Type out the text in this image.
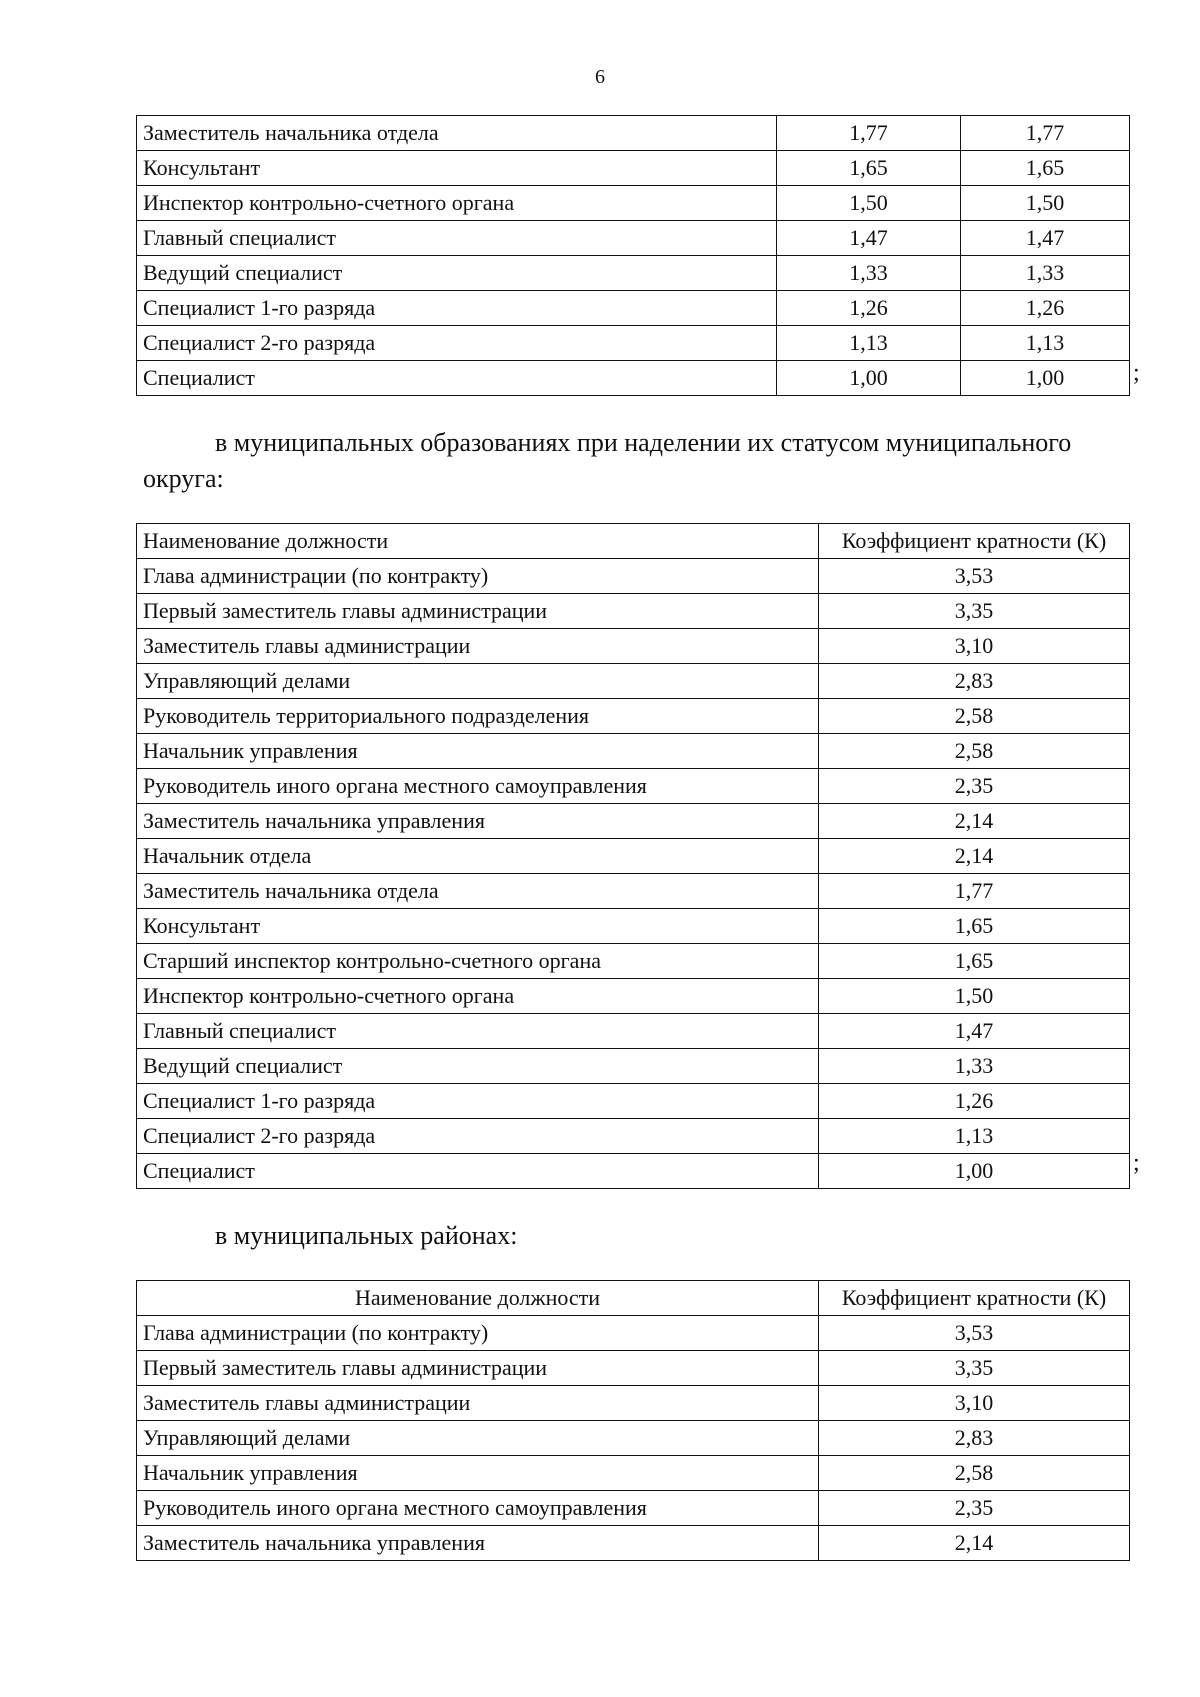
6
Заместитель начальника отдела	1,77	1,77
Консультант	1,65	1,65
Инспектор контрольно-счетного органа	1,50	1,50
Главный специалист	1,47	1,47
Ведущий специалист	1,33	1,33
Специалист 1-го разряда	1,26	1,26
Специалист 2-го разряда	1,13	1,13
Специалист	1,00	1,00	;

в муниципальных образованиях при наделении их статусом муниципального

округа:

Наименование должности	Коэффициент кратности (К)
Глава администрации (по контракту)	3,53
Первый заместитель главы администрации	3,35
Заместитель главы администрации	3,10
Управляющий делами	2,83
Руководитель территориального подразделения	2,58
Начальник управления	2,58
Руководитель иного органа местного самоуправления	2,35
Заместитель начальника управления	2,14
Начальник отдела	2,14
Заместитель начальника отдела	1,77
Консультант	1,65
Старший инспектор контрольно-счетного органа	1,65
Инспектор контрольно-счетного органа	1,50
Главный специалист	1,47
Ведущий специалист	1,33
Специалист 1-го разряда	1,26
Специалист 2-го разряда	1,13
Специалист	1,00	;

в муниципальных районах:

Наименование должности	Коэффициент кратности (К)
Глава администрации (по контракту)	3,53
Первый заместитель главы администрации	3,35
Заместитель главы администрации	3,10
Управляющий делами	2,83
Начальник управления	2,58
Руководитель иного органа местного самоуправления	2,35
Заместитель начальника управления	2,14
